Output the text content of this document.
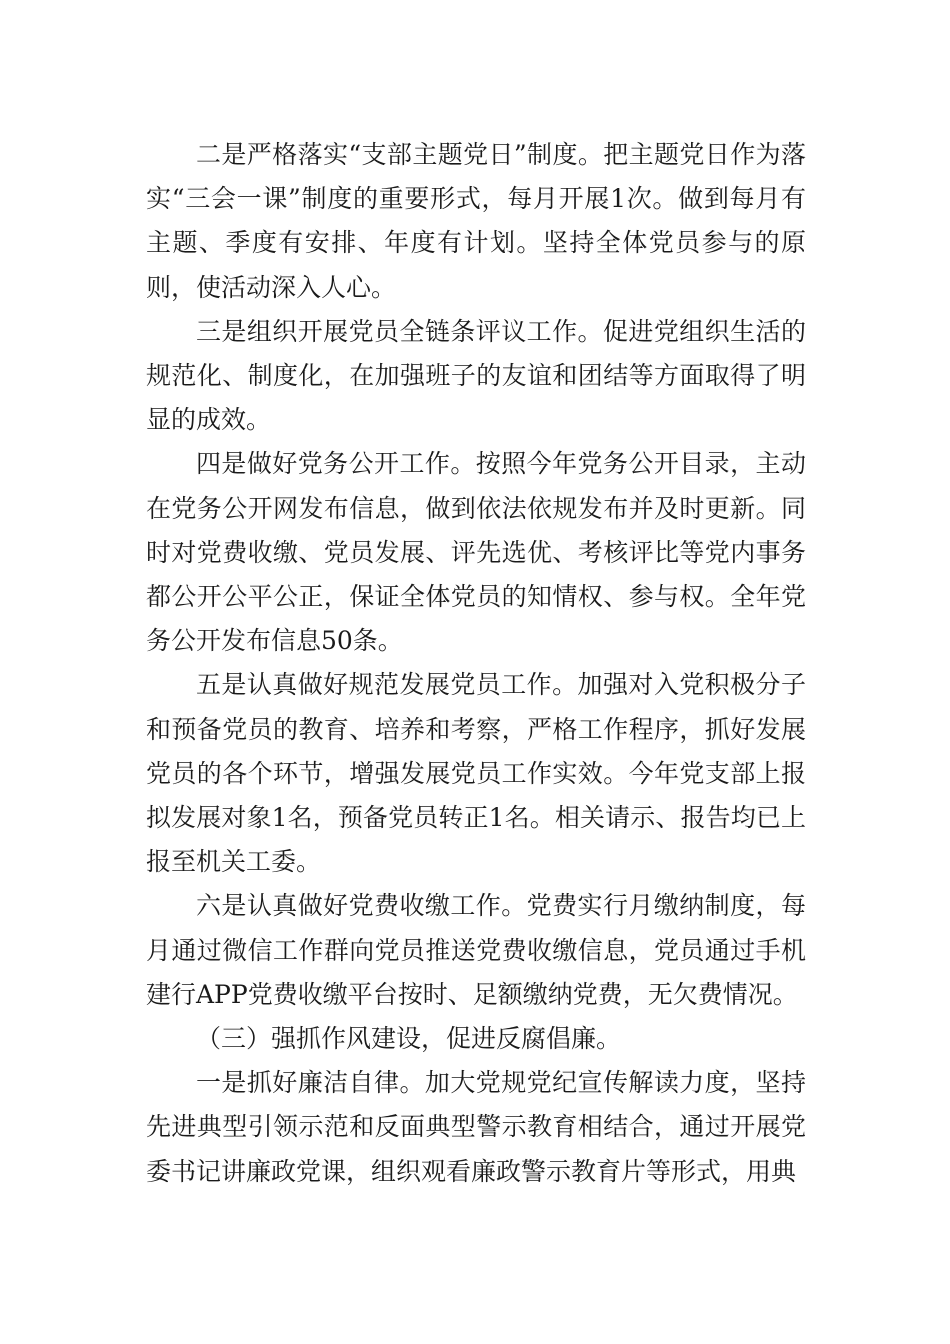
二是严格落实“支部主题党日”制度。把主题党日作为落实“三会一课”制度的重要形式，每月开展1次。做到每月有主题、季度有安排、年度有计划。坚持全体党员参与的原则，使活动深入人心。

三是组织开展党员全链条评议工作。促进党组织生活的规范化、制度化，在加强班子的友谊和团结等方面取得了明显的成效。

四是做好党务公开工作。按照今年党务公开目录，主动在党务公开网发布信息，做到依法依规发布并及时更新。同时对党费收缴、党员发展、评先选优、考核评比等党内事务都公开公平公正，保证全体党员的知情权、参与权。全年党务公开发布信息50条。

五是认真做好规范发展党员工作。加强对入党积极分子和预备党员的教育、培养和考察，严格工作程序，抓好发展党员的各个环节，增强发展党员工作实效。今年党支部上报拟发展对象1名，预备党员转正1名。相关请示、报告均已上报至机关工委。

六是认真做好党费收缴工作。党费实行月缴纳制度，每月通过微信工作群向党员推送党费收缴信息，党员通过手机建行APP党费收缴平台按时、足额缴纳党费，无欠费情况。

（三）强抓作风建设，促进反腐倡廉。

一是抓好廉洁自律。加大党规党纪宣传解读力度，坚持先进典型引领示范和反面典型警示教育相结合，通过开展党委书记讲廉政党课，组织观看廉政警示教育片等形式，用典
